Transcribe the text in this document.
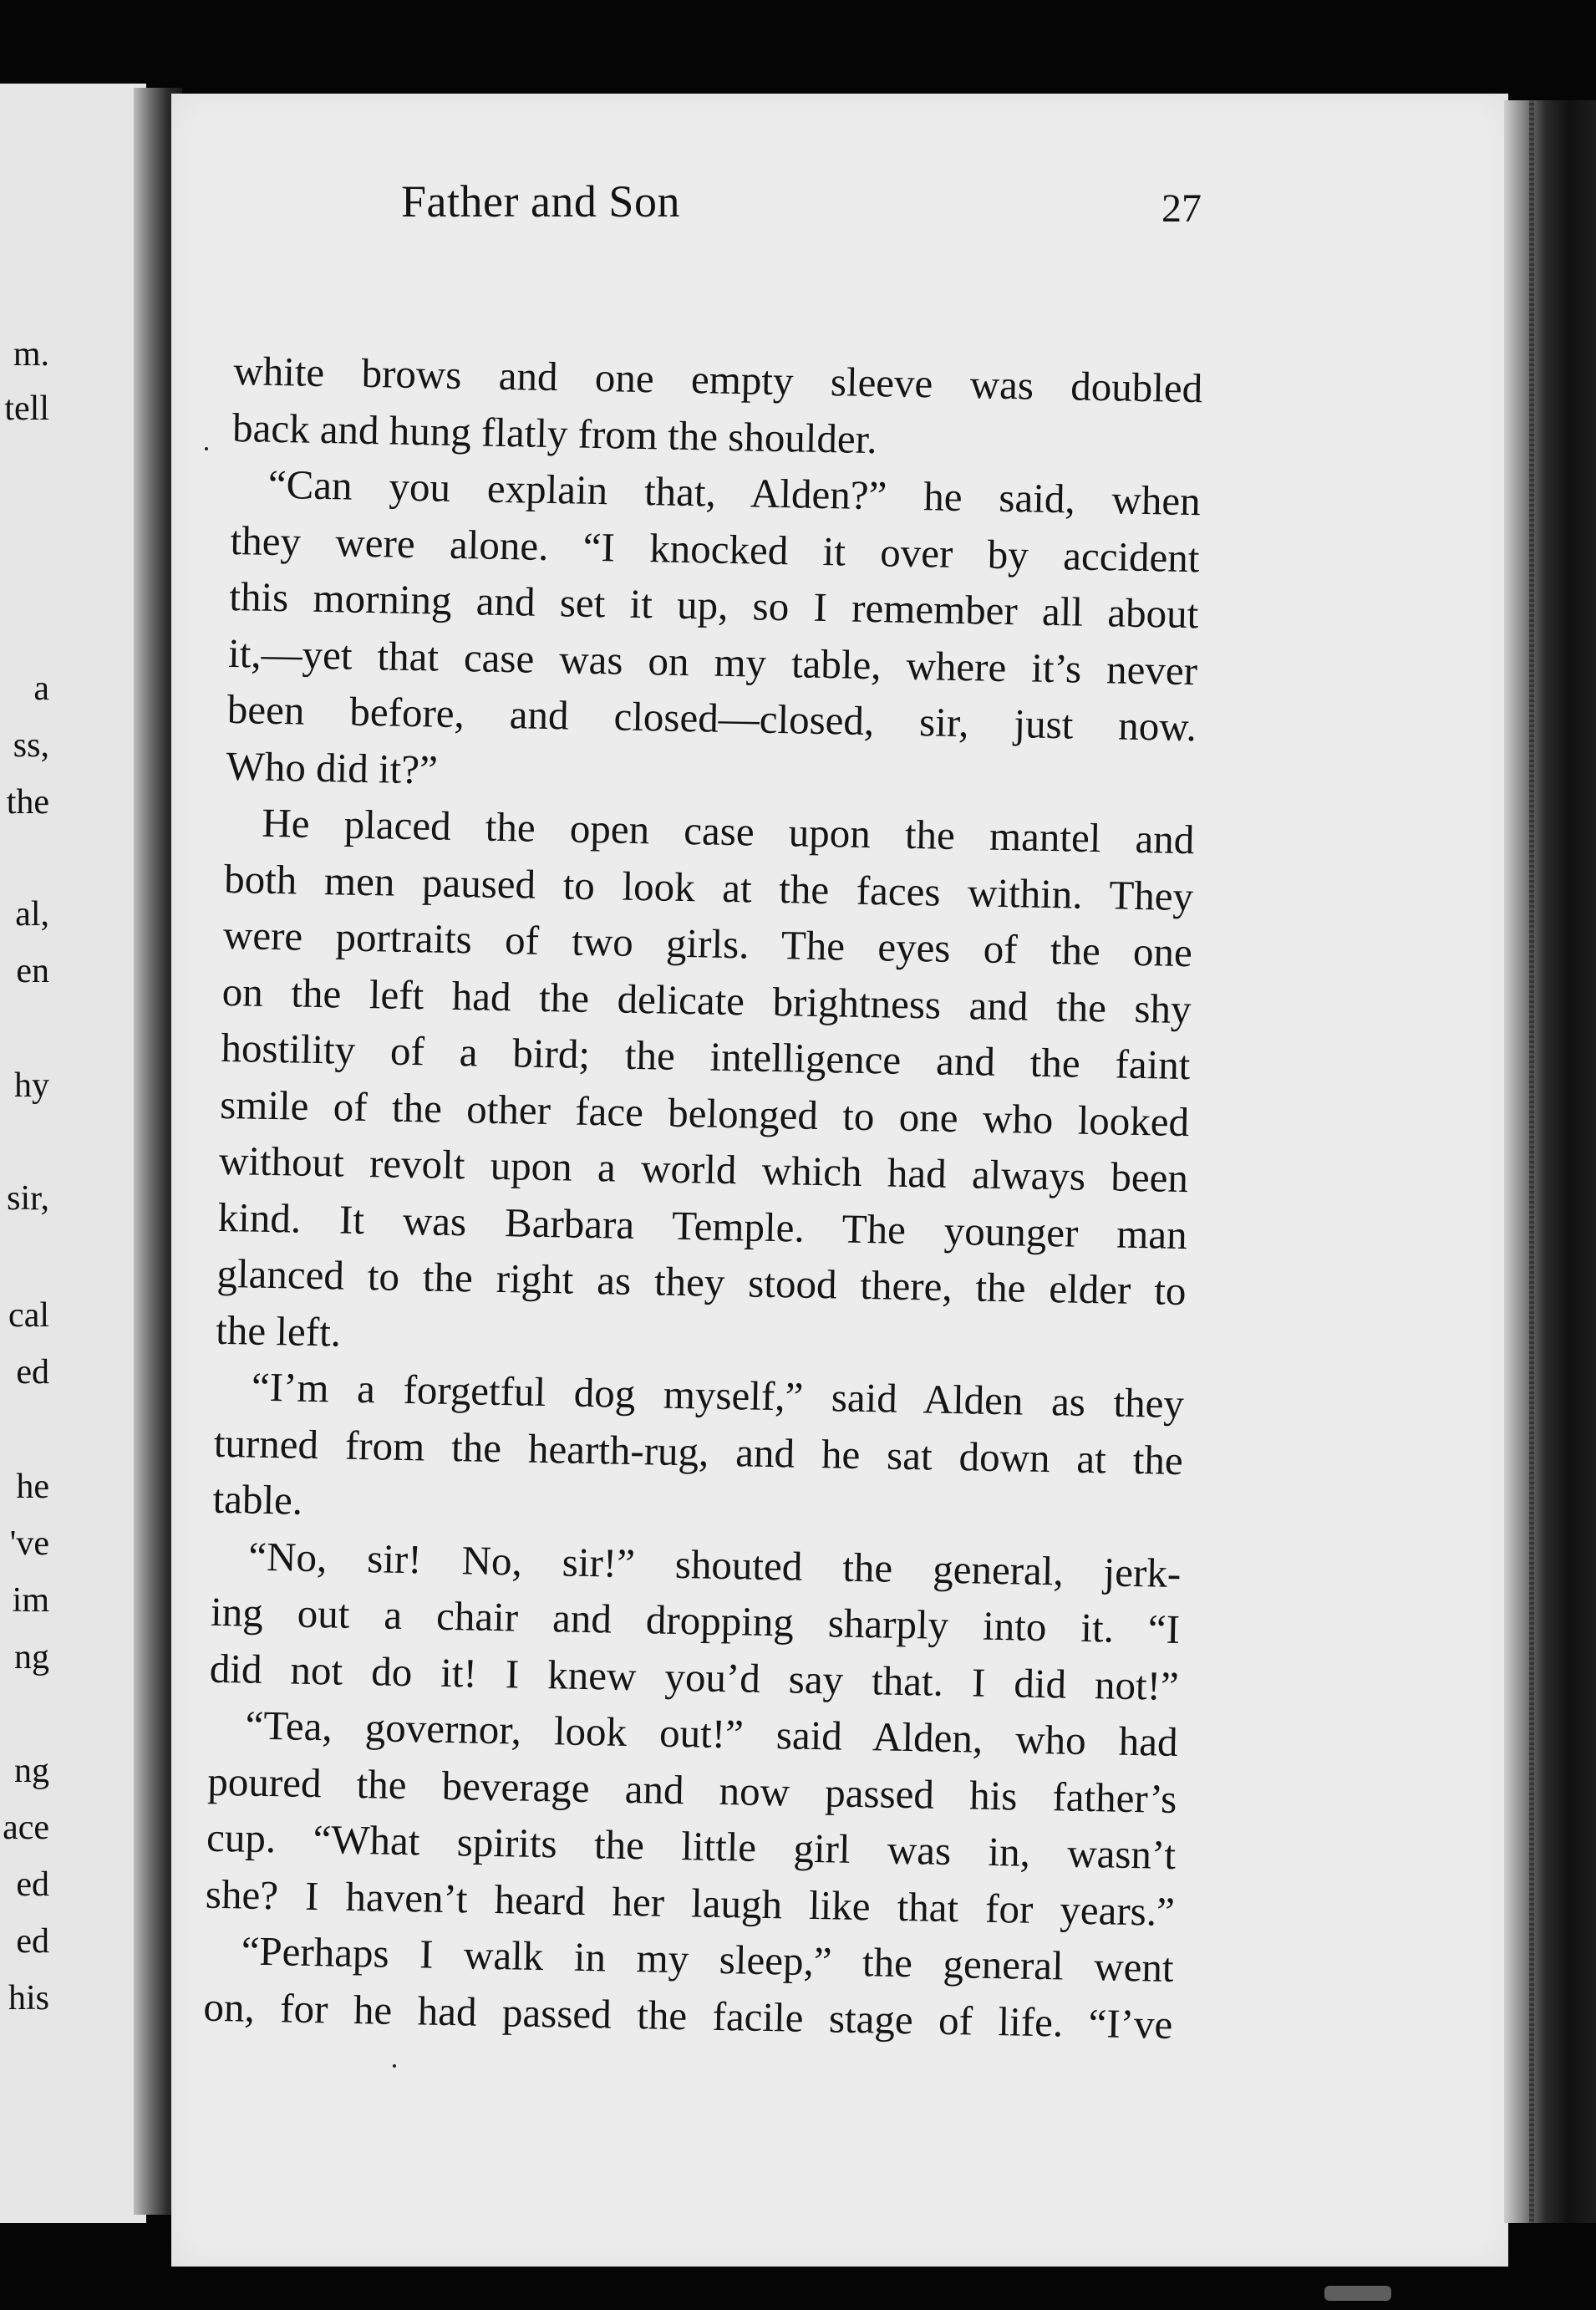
m.
tell
a
ss,
the
al,
en
hy
sir,
cal
ed
he
've
im
ng
ng
ace
ed
ed
his
Father and Son	27
white brows and one empty sleeve was doubled
back and hung flatly from the shoulder.
“Can you explain that, Alden?” he said, when
they were alone. “I knocked it over by accident
this morning and set it up, so I remember all about
it,—yet that case was on my table, where it’s never
been before, and closed—closed, sir, just now.
Who did it?”
He placed the open case upon the mantel and
both men paused to look at the faces within. They
were portraits of two girls. The eyes of the one
on the left had the delicate brightness and the shy
hostility of a bird; the intelligence and the faint
smile of the other face belonged to one who looked
without revolt upon a world which had always been
kind. It was Barbara Temple. The younger man
glanced to the right as they stood there, the elder to
the left.
“I’m a forgetful dog myself,” said Alden as they
turned from the hearth-rug, and he sat down at the
table.
“No, sir! No, sir!” shouted the general, jerk-
ing out a chair and dropping sharply into it. “I
did not do it! I knew you’d say that. I did not!”
“Tea, governor, look out!” said Alden, who had
poured the beverage and now passed his father’s
cup. “What spirits the little girl was in, wasn’t
she? I haven’t heard her laugh like that for years.”
“Perhaps I walk in my sleep,” the general went
on, for he had passed the facile stage of life. “I’ve
